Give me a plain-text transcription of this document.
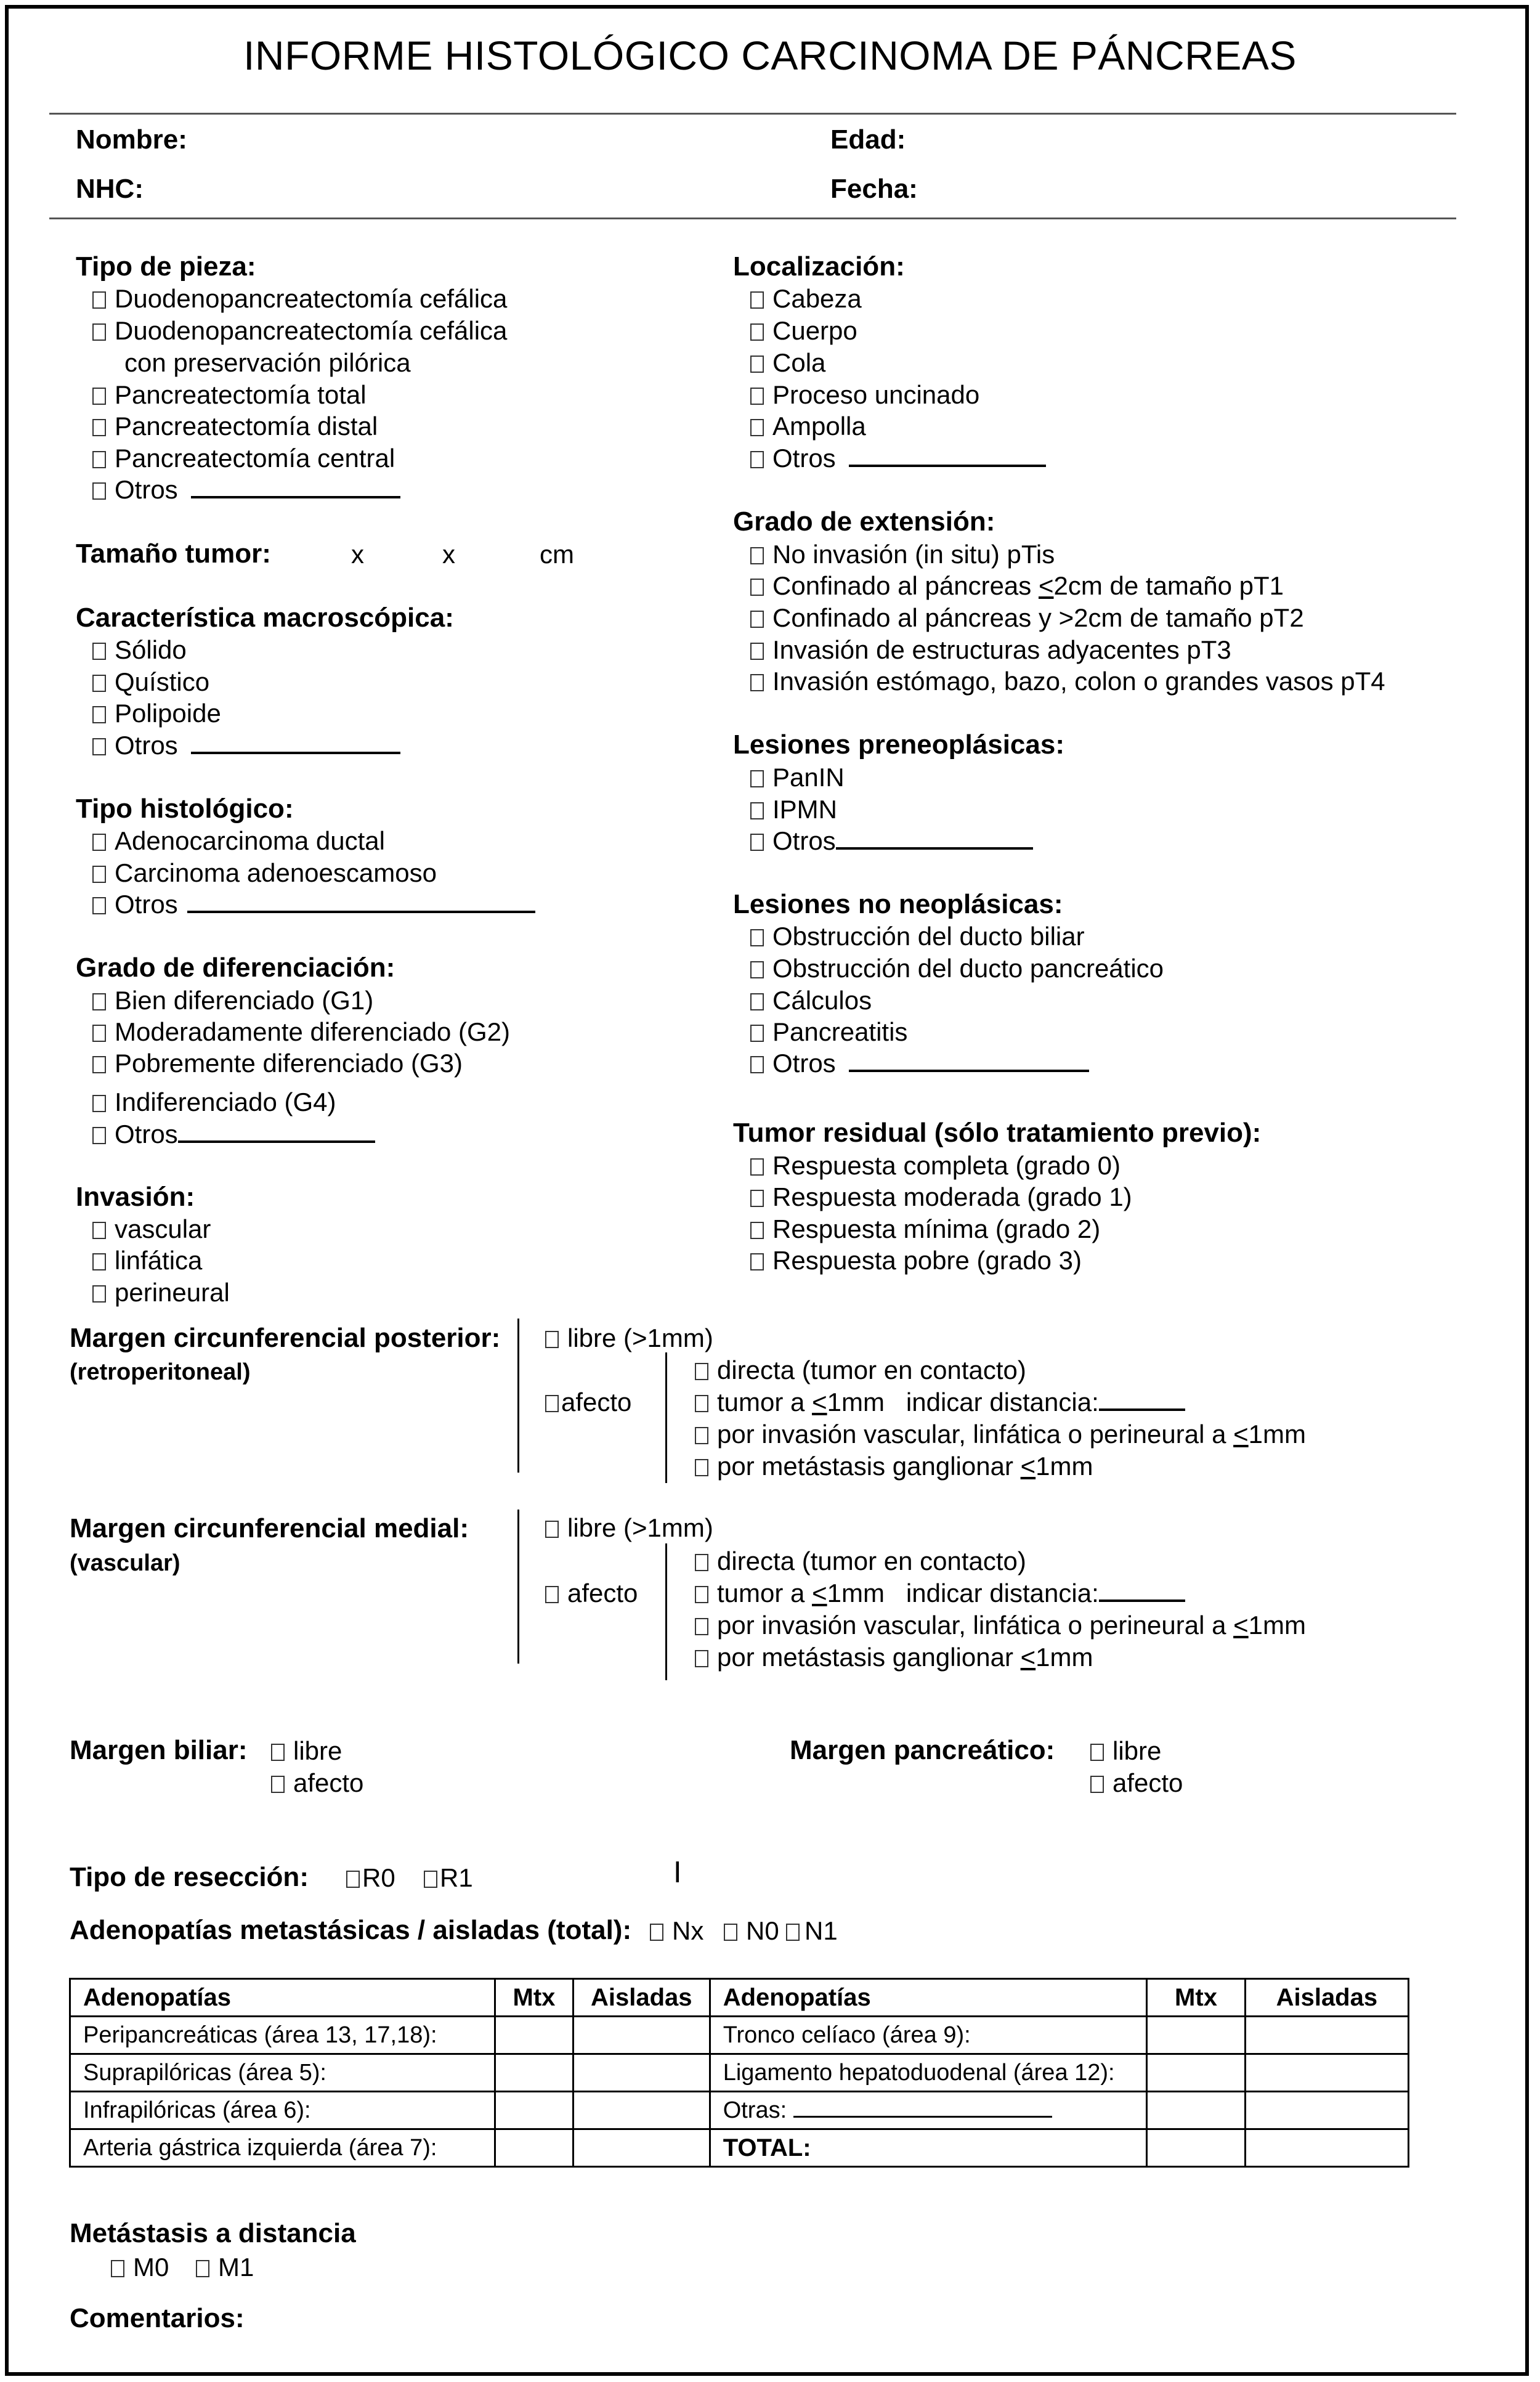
INFORME HISTOLÓGICO CARCINOMA DE PÁNCREAS
Nombre:	Edad:
NHC:	Fecha:
Tipo de pieza:
Duodenopancreatectomía cefálica
Duodenopancreatectomía cefálica
con preservación pilórica
Pancreatectomía total
Pancreatectomía distal
Pancreatectomía central
Otros
Tamaño tumor:	x	x	cm
Característica macroscópica:
Sólido
Quístico
Polipoide
Otros
Tipo histológico:
Adenocarcinoma ductal
Carcinoma adenoescamoso
Otros
Grado de diferenciación:
Bien diferenciado (G1)
Moderadamente diferenciado (G2)
Pobremente diferenciado (G3)
Indiferenciado (G4)
Otros
Invasión:
vascular
linfática
perineural
Localización:
Cabeza
Cuerpo
Cola
Proceso uncinado
Ampolla
Otros
Grado de extensión:
No invasión (in situ) pTis
Confinado al páncreas <2cm de tamaño pT1
Confinado al páncreas y >2cm de tamaño pT2
Invasión de estructuras adyacentes pT3
Invasión estómago, bazo, colon o grandes vasos pT4
Lesiones preneoplásicas:
PanIN
IPMN
Otros
Lesiones no neoplásicas:
Obstrucción del ducto biliar
Obstrucción del ducto pancreático
Cálculos
Pancreatitis
Otros
Tumor residual (sólo tratamiento previo):
Respuesta completa (grado 0)
Respuesta moderada (grado 1)
Respuesta mínima (grado 2)
Respuesta pobre (grado 3)
Margen circunferencial posterior:
(retroperitoneal)
libre (>1mm)
afecto
directa (tumor en contacto)
tumor a <1mm   indicar distancia:
por invasión vascular, linfática o perineural a <1mm
por metástasis ganglionar <1mm
Margen circunferencial medial:
(vascular)
libre (>1mm)
afecto
directa (tumor en contacto)
tumor a <1mm   indicar distancia:
por invasión vascular, linfática o perineural a <1mm
por metástasis ganglionar <1mm
Margen biliar:	libre
afecto
Margen pancreático:	libre
afecto
Tipo de resección:	R0	R1	Ⅰ
Adenopatías metastásicas / aisladas (total):	Nx	N0 N1
Adenopatías	Mtx	Aisladas	Adenopatías	Mtx	Aisladas
Peripancreáticas (área 13, 17,18):			Tronco celíaco (área 9):		
Suprapilóricas (área 5):			Ligamento hepatoduodenal (área 12):		
Infrapilóricas (área 6):			Otras:		
Arteria gástrica izquierda (área 7):			TOTAL:		
Metástasis a distancia
M0	M1
Comentarios:
